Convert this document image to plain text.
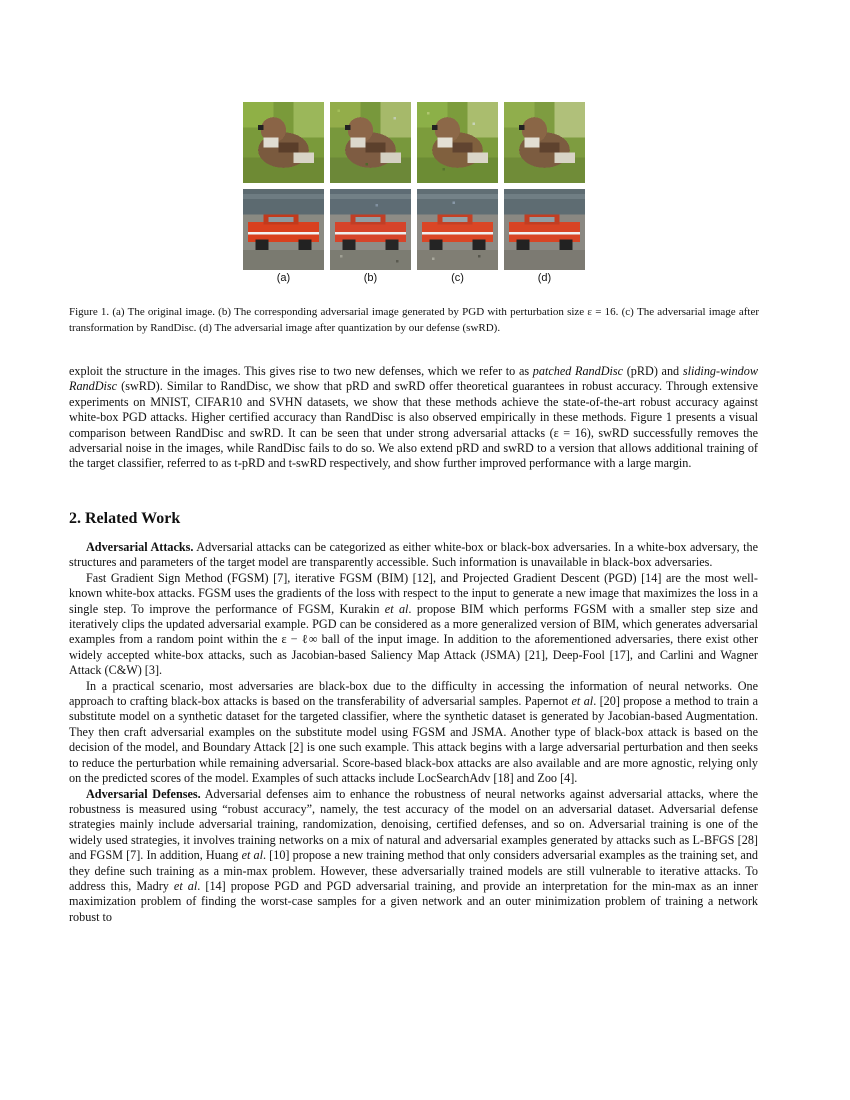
(a)	(b)	(c)	(d)
Figure 1. (a) The original image. (b) The corresponding adversarial image generated by PGD with perturbation size ε = 16. (c) The adversarial image after transformation by RandDisc. (d) The adversarial image after quantization by our defense (swRD).

exploit the structure in the images. This gives rise to two new defenses, which we refer to as patched RandDisc (pRD) and sliding-window RandDisc (swRD). Similar to RandDisc, we show that pRD and swRD offer theoretical guarantees in robust accuracy. Through extensive experiments on MNIST, CIFAR10 and SVHN datasets, we show that these methods achieve the state-of-the-art robust accuracy against white-box PGD attacks. Higher certified accuracy than RandDisc is also observed empirically in these methods. Figure 1 presents a visual comparison between RandDisc and swRD. It can be seen that under strong adversarial attacks (ε = 16), swRD successfully removes the adversarial noise in the images, while RandDisc fails to do so. We also extend pRD and swRD to a version that allows additional training of the target classifier, referred to as t-pRD and t-swRD respectively, and show further improved performance with a large margin.

2. Related Work

Adversarial Attacks. Adversarial attacks can be categorized as either white-box or black-box adversaries. In a white-box adversary, the structures and parameters of the target model are transparently accessible. Such information is unavailable in black-box adversaries.

Fast Gradient Sign Method (FGSM) [7], iterative FGSM (BIM) [12], and Projected Gradient Descent (PGD) [14] are the most well-known white-box attacks. FGSM uses the gradients of the loss with respect to the input to generate a new image that maximizes the loss in a single step. To improve the performance of FGSM, Kurakin et al. propose BIM which performs FGSM with a smaller step size and iteratively clips the updated adversarial example. PGD can be considered as a more generalized version of BIM, which generates adversarial examples from a random point within the ε − ℓ∞ ball of the input image. In addition to the aforementioned adversaries, there exist other widely accepted white-box attacks, such as Jacobian-based Saliency Map Attack (JSMA) [21], Deep-Fool [17], and Carlini and Wagner Attack (C&W) [3].

In a practical scenario, most adversaries are black-box due to the difficulty in accessing the information of neural networks. One approach to crafting black-box attacks is based on the transferability of adversarial samples. Papernot et al. [20] propose a method to train a substitute model on a synthetic dataset for the targeted classifier, where the synthetic dataset is generated by Jacobian-based Augmentation. They then craft adversarial examples on the substitute model using FGSM and JSMA. Another type of black-box attack is based on the decision of the model, and Boundary Attack [2] is one such example. This attack begins with a large adversarial perturbation and then seeks to reduce the perturbation while remaining adversarial. Score-based black-box attacks are also available and are more agnostic, relying only on the predicted scores of the model. Examples of such attacks include LocSearchAdv [18] and Zoo [4].

Adversarial Defenses. Adversarial defenses aim to enhance the robustness of neural networks against adversarial attacks, where the robustness is measured using “robust accuracy”, namely, the test accuracy of the model on an adversarial dataset. Adversarial defense strategies mainly include adversarial training, randomization, denoising, certified defenses, and so on. Adversarial training is one of the widely used strategies, it involves training networks on a mix of natural and adversarial examples generated by attacks such as L-BFGS [28] and FGSM [7]. In addition, Huang et al. [10] propose a new training method that only considers adversarial examples as the training set, and they define such training as a min-max problem. However, these adversarially trained models are still vulnerable to iterative attacks. To address this, Madry et al. [14] propose PGD and PGD adversarial training, and provide an interpretation for the min-max as an inner maximization problem of finding the worst-case samples for a given network and an outer minimization problem of training a network robust to
